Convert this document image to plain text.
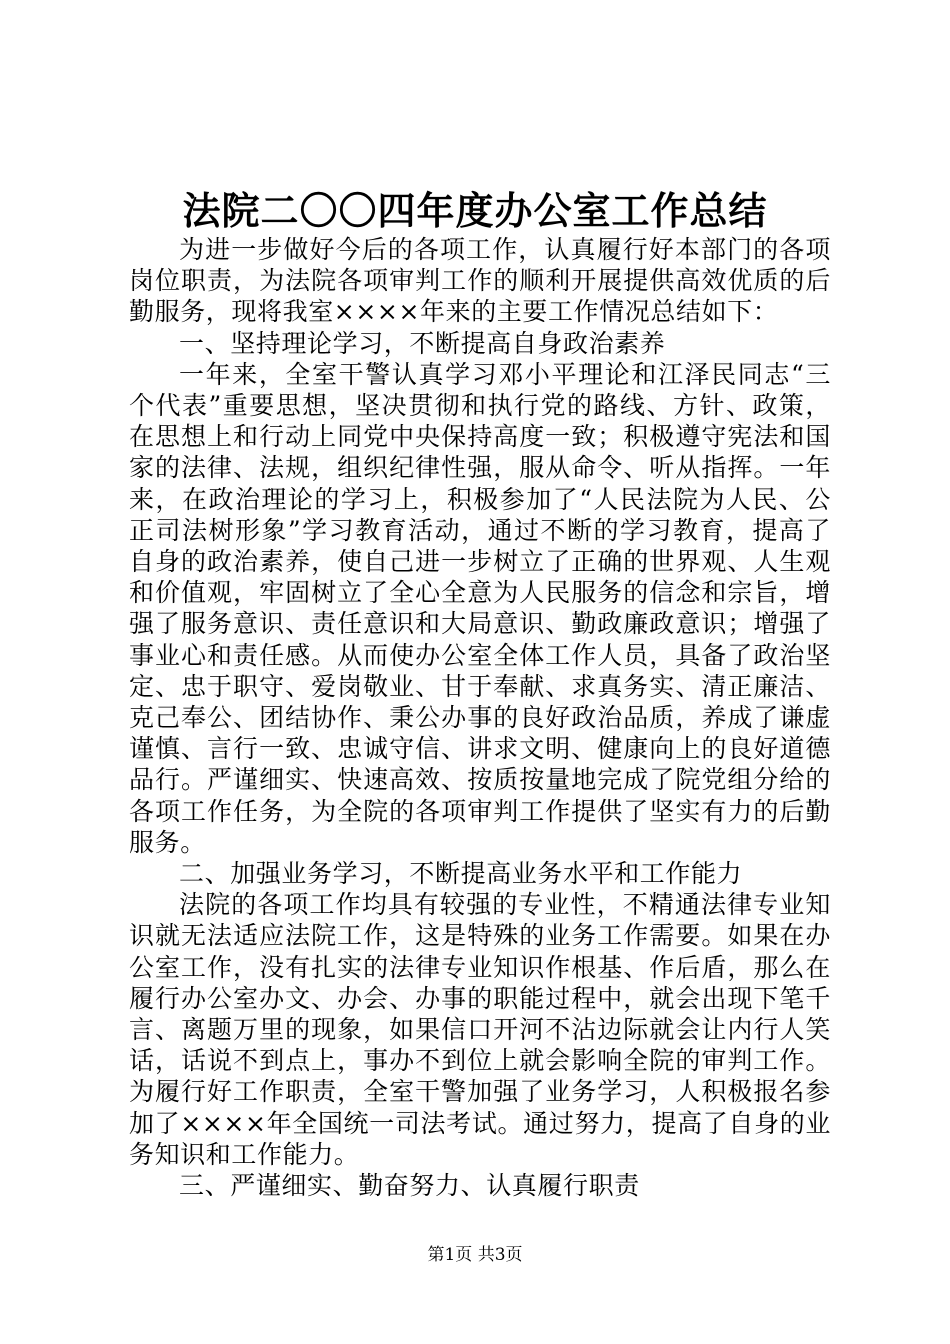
法院二〇〇四年度办公室工作总结

为进一步做好今后的各项工作，认真履行好本部门的各项岗位职责，为法院各项审判工作的顺利开展提供高效优质的后勤服务，现将我室××××年来的主要工作情况总结如下：

一、坚持理论学习，不断提高自身政治素养

一年来，全室干警认真学习邓小平理论和江泽民同志“三个代表”重要思想，坚决贯彻和执行党的路线、方针、政策，在思想上和行动上同党中央保持高度一致；积极遵守宪法和国家的法律、法规，组织纪律性强，服从命令、听从指挥。一年来，在政治理论的学习上，积极参加了“人民法院为人民、公正司法树形象”学习教育活动，通过不断的学习教育，提高了自身的政治素养，使自己进一步树立了正确的世界观、人生观和价值观，牢固树立了全心全意为人民服务的信念和宗旨，增强了服务意识、责任意识和大局意识、勤政廉政意识；增强了事业心和责任感。从而使办公室全体工作人员，具备了政治坚定、忠于职守、爱岗敬业、甘于奉献、求真务实、清正廉洁、克己奉公、团结协作、秉公办事的良好政治品质，养成了谦虚谨慎、言行一致、忠诚守信、讲求文明、健康向上的良好道德品行。严谨细实、快速高效、按质按量地完成了院党组分给的各项工作任务，为全院的各项审判工作提供了坚实有力的后勤服务。

二、加强业务学习，不断提高业务水平和工作能力

法院的各项工作均具有较强的专业性，不精通法律专业知识就无法适应法院工作，这是特殊的业务工作需要。如果在办公室工作，没有扎实的法律专业知识作根基、作后盾，那么在履行办公室办文、办会、办事的职能过程中，就会出现下笔千言、离题万里的现象，如果信口开河不沾边际就会让内行人笑话，话说不到点上，事办不到位上就会影响全院的审判工作。为履行好工作职责，全室干警加强了业务学习，人积极报名参加了××××年全国统一司法考试。通过努力，提高了自身的业务知识和工作能力。

三、严谨细实、勤奋努力、认真履行职责

第1页 共3页
